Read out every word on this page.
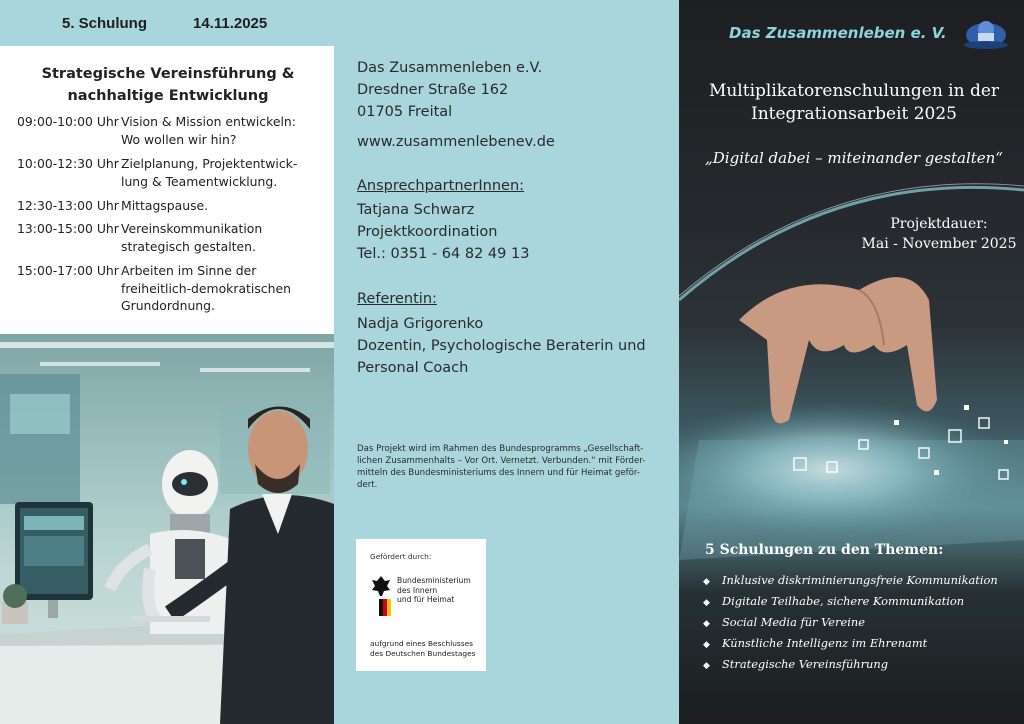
5. Schulung	14.11.2025
Strategische Vereinsführung &
nachhaltige Entwicklung
09:00-10:00 Uhr Vision & Mission entwickeln:
Wo wollen wir hin?
10:00-12:30 Uhr Zielplanung, Projektentwick-
lung & Teamentwicklung.
12:30-13:00 Uhr Mittagspause.
13:00-15:00 Uhr Vereinskommunikation
strategisch gestalten.
15:00-17:00 Uhr Arbeiten im Sinne der
freiheitlich-demokratischen
Grundordnung.
Das Zusammenleben e.V.
Dresdner Straße 162
01705 Freital
www.zusammenlebenev.de
AnsprechpartnerInnen:
Tatjana Schwarz
Projektkoordination
Tel.: 0351 - 64 82 49 13
Referentin:
Nadja Grigorenko
Dozentin, Psychologische Beraterin und
Personal Coach
Das Projekt wird im Rahmen des Bundesprogramms „Gesellschaft-
lichen Zusammenhalts – Vor Ort. Vernetzt. Verbunden.“ mit Förder-
mitteln des Bundesministeriums des Innern und für Heimat geför-
dert.
Gefördert durch:
Bundesministerium
des Innern
und für Heimat
aufgrund eines Beschlusses
des Deutschen Bundestages
Das Zusammenleben e. V.
Multiplikatorenschulungen in der
Integrationsarbeit 2025
„Digital dabei – miteinander gestalten“
Projektdauer:
Mai - November 2025
5 Schulungen zu den Themen:
◆ Inklusive diskriminierungsfreie Kommunikation
◆ Digitale Teilhabe, sichere Kommunikation
◆ Social Media für Vereine
◆ Künstliche Intelligenz im Ehrenamt
◆ Strategische Vereinsführung
